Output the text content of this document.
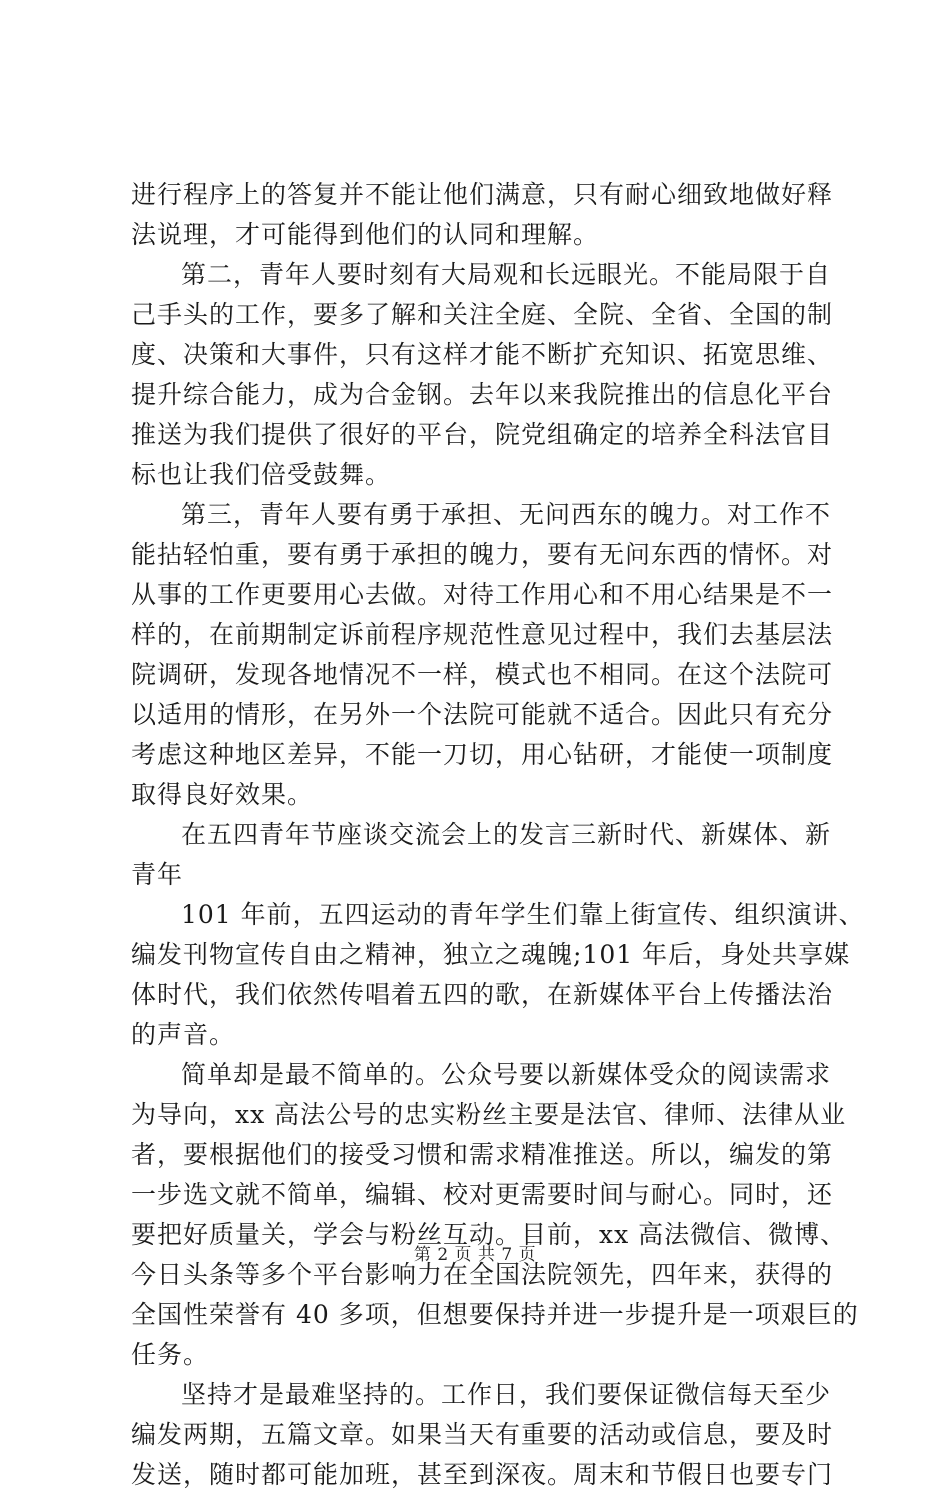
进行程序上的答复并不能让他们满意，只有耐心细致地做好释
法说理，才可能得到他们的认同和理解。
第二，青年人要时刻有大局观和长远眼光。不能局限于自
己手头的工作，要多了解和关注全庭、全院、全省、全国的制
度、决策和大事件，只有这样才能不断扩充知识、拓宽思维、
提升综合能力，成为合金钢。去年以来我院推出的信息化平台
推送为我们提供了很好的平台，院党组确定的培养全科法官目
标也让我们倍受鼓舞。
第三，青年人要有勇于承担、无问西东的魄力。对工作不
能拈轻怕重，要有勇于承担的魄力，要有无问东西的情怀。对
从事的工作更要用心去做。对待工作用心和不用心结果是不一
样的，在前期制定诉前程序规范性意见过程中，我们去基层法
院调研，发现各地情况不一样，模式也不相同。在这个法院可
以适用的情形，在另外一个法院可能就不适合。因此只有充分
考虑这种地区差异，不能一刀切，用心钻研，才能使一项制度
取得良好效果。
在五四青年节座谈交流会上的发言三新时代、新媒体、新
青年
101 年前，五四运动的青年学生们靠上街宣传、组织演讲、
编发刊物宣传自由之精神，独立之魂魄;101 年后，身处共享媒
体时代，我们依然传唱着五四的歌，在新媒体平台上传播法治
的声音。
简单却是最不简单的。公众号要以新媒体受众的阅读需求
为导向，xx 高法公号的忠实粉丝主要是法官、律师、法律从业
者，要根据他们的接受习惯和需求精准推送。所以，编发的第
一步选文就不简单，编辑、校对更需要时间与耐心。同时，还
要把好质量关，学会与粉丝互动。目前，xx 高法微信、微博、
今日头条等多个平台影响力在全国法院领先，四年来，获得的
全国性荣誉有 40 多项，但想要保持并进一步提升是一项艰巨的
任务。
坚持才是最难坚持的。工作日，我们要保证微信每天至少
编发两期，五篇文章。如果当天有重要的活动或信息，要及时
发送，随时都可能加班，甚至到深夜。周末和节假日也要专门
第 2 页 共 7 页
